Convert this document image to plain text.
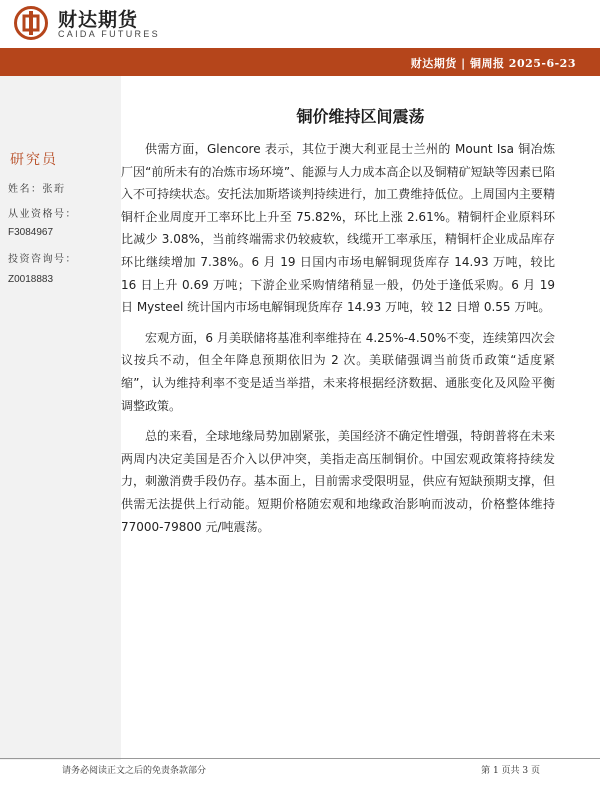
财达期货
CAIDA FUTURES
财达期货 | 铜周报 2025-6-23
研究员
姓名：张珩
从业资格号：
F3084967
投资咨询号：
Z0018883
铜价维持区间震荡

供需方面，Glencore 表示，其位于澳大利亚昆士兰州的 Mount Isa 铜冶炼厂因“前所未有的冶炼市场环境”、能源与人力成本高企以及铜精矿短缺等因素已陷入不可持续状态。安托法加斯塔谈判持续进行，加工费维持低位。上周国内主要精铜杆企业周度开工率环比上升至 75.82%，环比上涨 2.61%。精铜杆企业原料环比减少 3.08%，当前终端需求仍较疲软，线缆开工率承压，精铜杆企业成品库存环比继续增加 7.38%。6 月 19 日国内市场电解铜现货库存 14.93 万吨，较比 16 日上升 0.69 万吨；下游企业采购情绪稍显一般，仍处于逢低采购。6 月 19 日 Mysteel 统计国内市场电解铜现货库存 14.93 万吨，较 12 日增 0.55 万吨。

宏观方面，6 月美联储将基准利率维持在 4.25%-4.50%不变，连续第四次会议按兵不动，但全年降息预期依旧为 2 次。美联储强调当前货币政策“适度紧缩”，认为维持利率不变是适当举措，未来将根据经济数据、通胀变化及风险平衡调整政策。

总的来看，全球地缘局势加剧紧张，美国经济不确定性增强，特朗普将在未来两周内决定美国是否介入以伊冲突，美指走高压制铜价。中国宏观政策将持续发力，刺激消费手段仍存。基本面上，目前需求受限明显，供应有短缺预期支撑，但供需无法提供上行动能。短期价格随宏观和地缘政治影响而波动，价格整体维持 77000-79800 元/吨震荡。

请务必阅读正文之后的免责条款部分	第 1 页共 3 页
